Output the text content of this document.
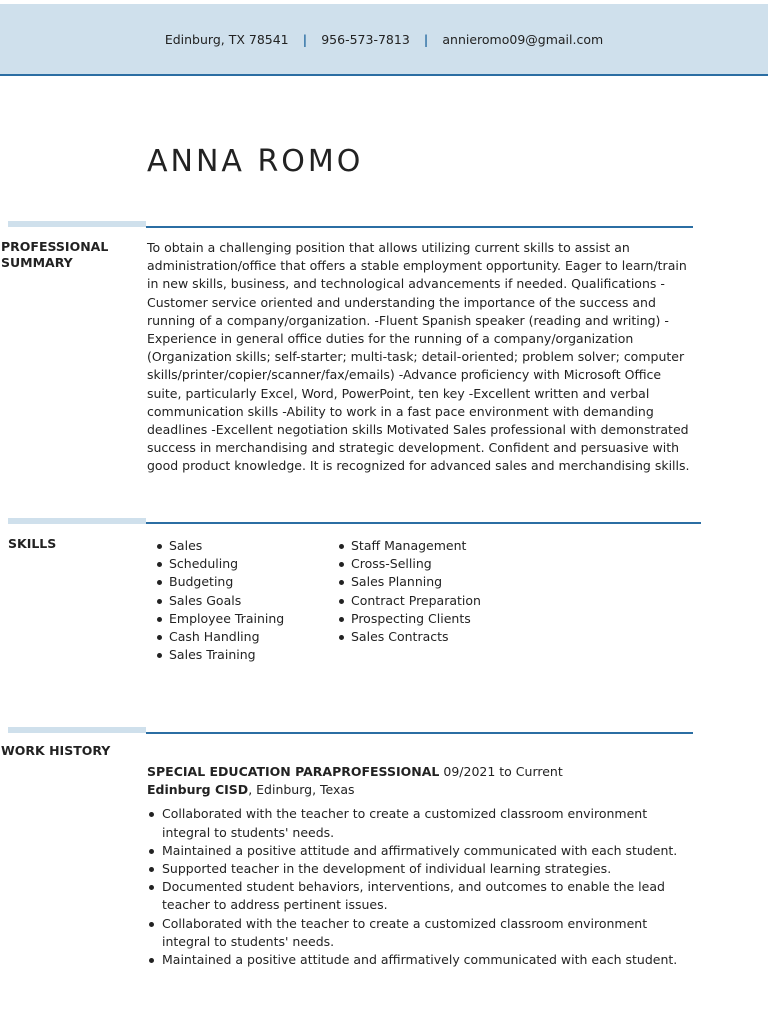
Edinburg, TX 78541 | 956-573-7813 | annieromo09@gmail.com
ANNA ROMO
PROFESSIONAL
SUMMARY
To obtain a challenging position that allows utilizing current skills to assist an administration/office that offers a stable employment opportunity. Eager to learn/train in new skills, business, and technological advancements if needed. Qualifications - Customer service oriented and understanding the importance of the success and running of a company/organization. -Fluent Spanish speaker (reading and writing) -Experience in general office duties for the running of a company/organization (Organization skills; self-starter; multi-task; detail-oriented; problem solver; computer skills/printer/copier/scanner/fax/emails) -Advance proficiency with Microsoft Office suite, particularly Excel, Word, PowerPoint, ten key -Excellent written and verbal communication skills -Ability to work in a fast pace environment with demanding deadlines -Excellent negotiation skills Motivated Sales professional with demonstrated success in merchandising and strategic development. Confident and persuasive with good product knowledge. It is recognized for advanced sales and merchandising skills.
SKILLS	Sales
Scheduling
Budgeting
Sales Goals
Employee Training
Cash Handling
Sales Training
Staff Management
Cross-Selling
Sales Planning
Contract Preparation
Prospecting Clients
Sales Contracts
WORK HISTORY
SPECIAL EDUCATION PARAPROFESSIONAL 09/2021 to Current
Edinburg CISD, Edinburg, Texas
Collaborated with the teacher to create a customized classroom environment integral to students' needs.
Maintained a positive attitude and affirmatively communicated with each student.
Supported teacher in the development of individual learning strategies.
Documented student behaviors, interventions, and outcomes to enable the lead teacher to address pertinent issues.
Collaborated with the teacher to create a customized classroom environment integral to students' needs.
Maintained a positive attitude and affirmatively communicated with each student.
